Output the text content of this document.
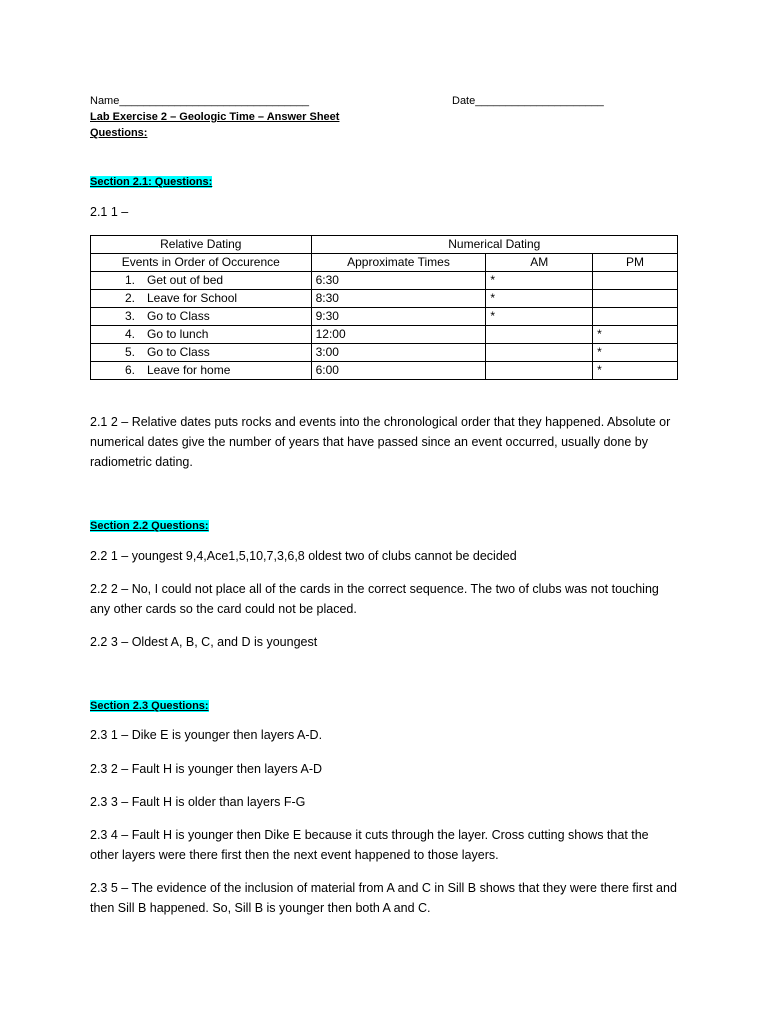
Name_______________________________	Date_____________________
Lab Exercise 2 – Geologic Time – Answer Sheet
Questions:
Section 2.1: Questions:
2.1 1 –
Relative Dating	Numerical Dating		
Events in Order of Occurence	Approximate Times	AM	PM
1. Get out of bed	6:30	*	
2. Leave for School	8:30	*	
3. Go to Class	9:30	*	
4. Go to lunch	12:00		*
5. Go to Class	3:00		*
6. Leave for home	6:00		*
2.1 2 – Relative dates puts rocks and events into the chronological order that they happened. Absolute or numerical dates give the number of years that have passed since an event occurred, usually done by radiometric dating.
Section 2.2 Questions:
2.2 1 – youngest 9,4,Ace1,5,10,7,3,6,8 oldest two of clubs cannot be decided
2.2 2 – No, I could not place all of the cards in the correct sequence. The two of clubs was not touching any other cards so the card could not be placed.
2.2 3 – Oldest A, B, C, and D is youngest
Section 2.3 Questions:
2.3 1 – Dike E is younger then layers A-D.
2.3 2 – Fault H is younger then layers A-D
2.3 3 – Fault H is older than layers F-G
2.3 4 – Fault H is younger then Dike E because it cuts through the layer. Cross cutting shows that the other layers were there first then the next event happened to those layers.
2.3 5 – The evidence of the inclusion of material from A and C in Sill B shows that they were there first and then Sill B happened. So, Sill B is younger then both A and C.
